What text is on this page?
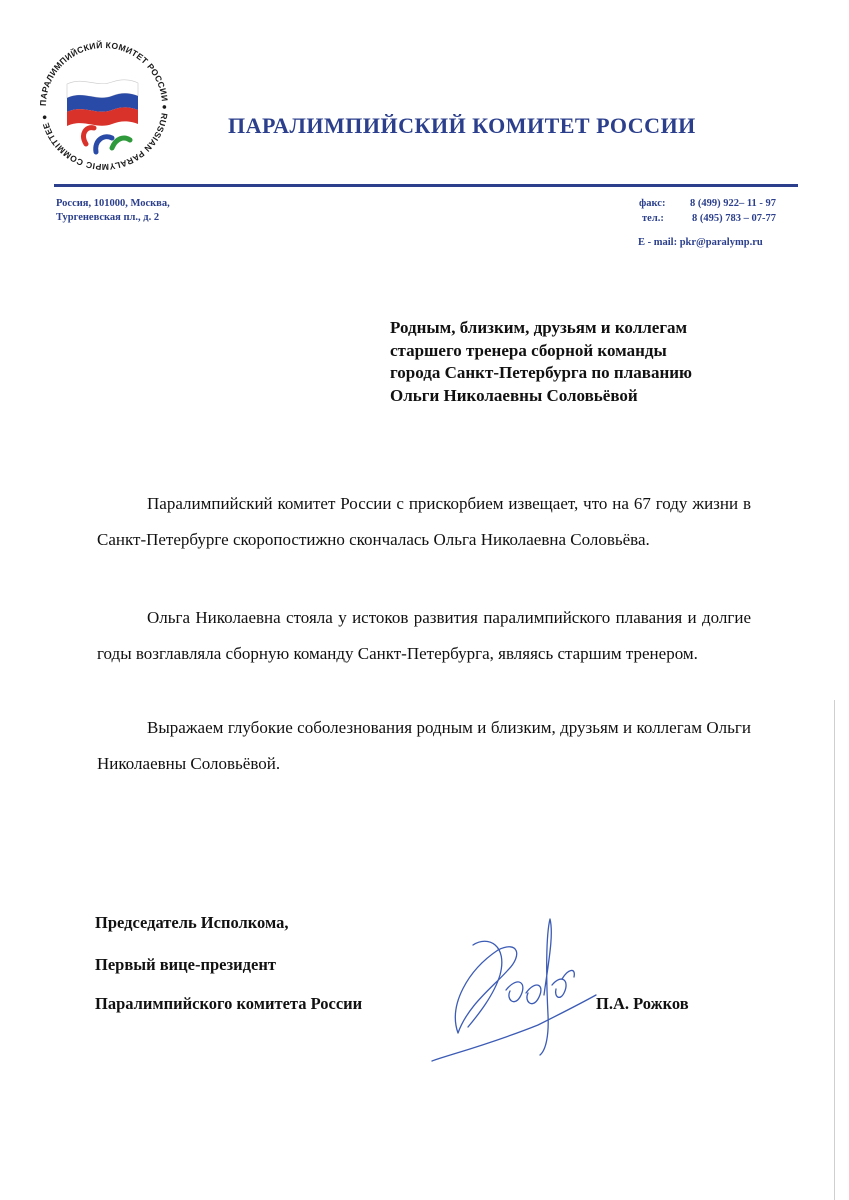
ПАРАЛИМПИЙСКИЙ КОМИТЕТ РОССИИ ● RUSSIAN PARALYMPIC COMMITTEE ●	ПАРАЛИМПИЙСКИЙ КОМИТЕТ РОССИИ
Россия, 101000, Москва,
Тургеневская пл., д. 2
факс: 8 (499) 922– 11 - 97
тел.:	8 (495) 783 – 07-77
E - mail: pkr@paralymp.ru
Родным, близким, друзьям и коллегам
старшего тренера сборной команды
города Санкт-Петербурга по плаванию
Ольги Николаевны Соловьёвой
Паралимпийский комитет России с прискорбием извещает, что на 67 году жизни в Санкт-Петербурге скоропостижно скончалась Ольга Николаевна Соловьёва.
Ольга Николаевна стояла у истоков развития паралимпийского плавания и долгие годы возглавляла сборную команду Санкт-Петербурга, являясь старшим тренером.
Выражаем глубокие соболезнования родным и близким, друзьям и коллегам Ольги Николаевны Соловьёвой.
Председатель Исполкома,
Первый вице-президент
Паралимпийского комитета России	П.А. Рожков
